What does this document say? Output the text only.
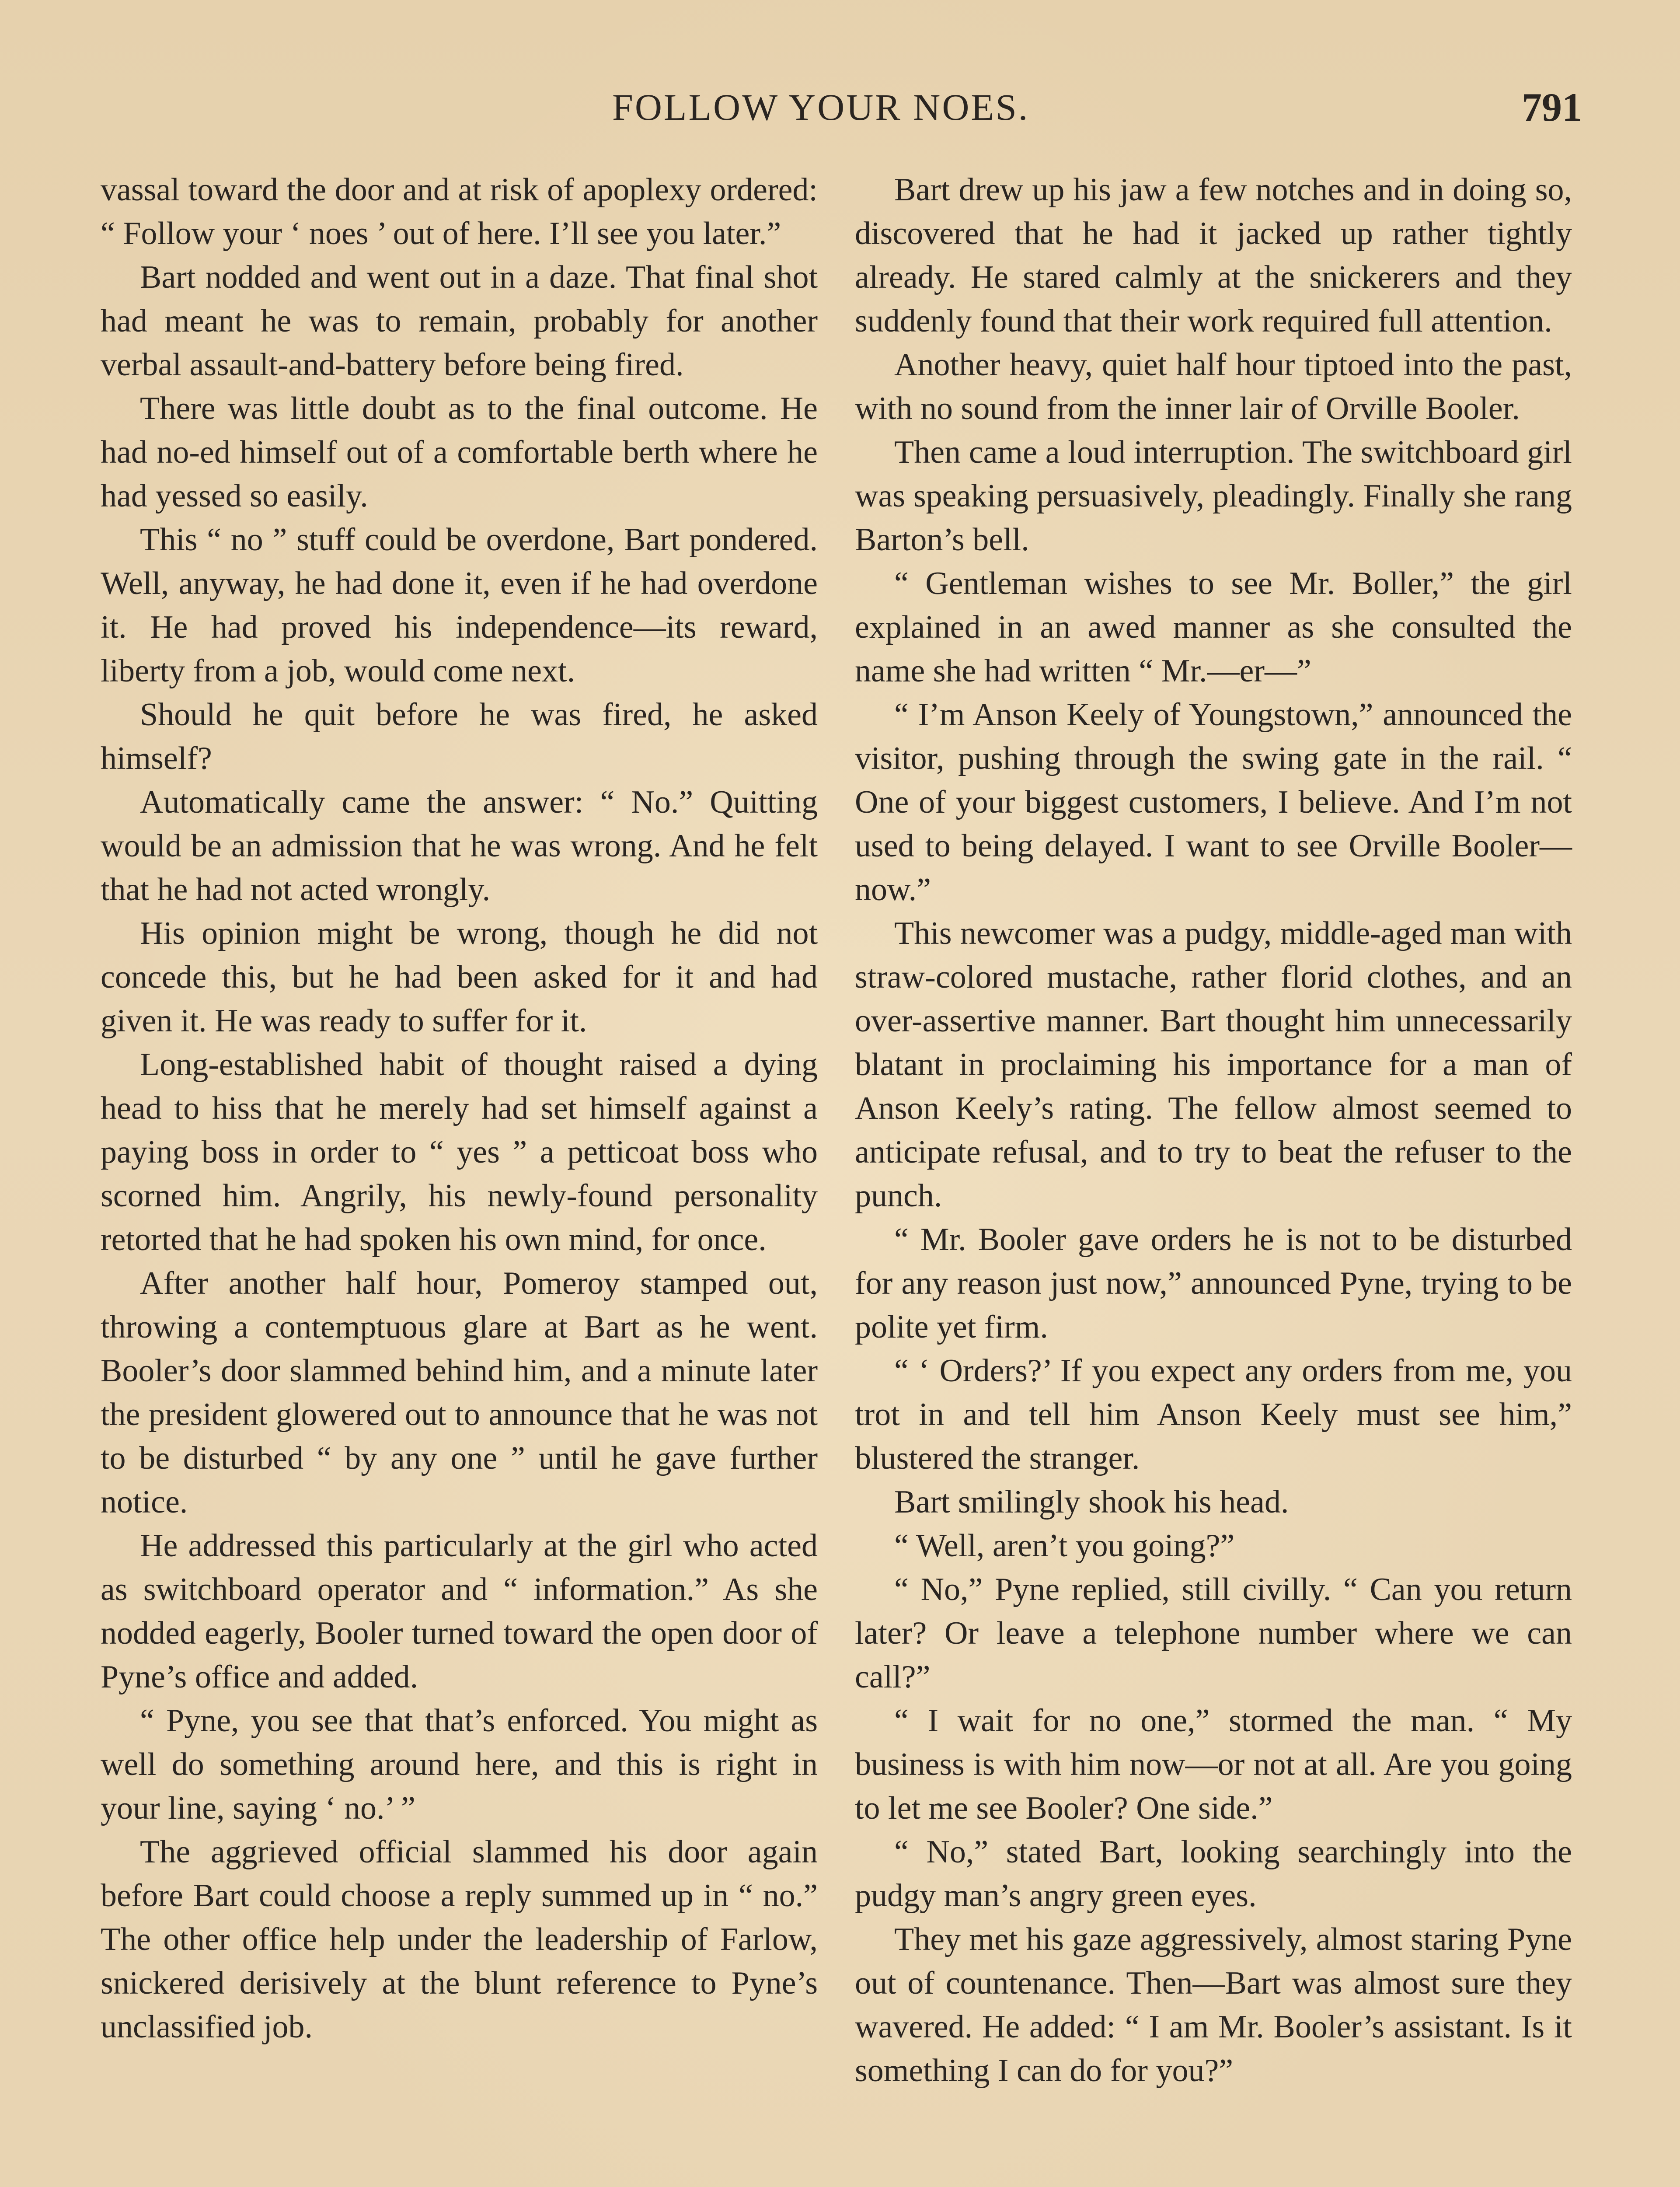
FOLLOW YOUR NOES.	791

vassal toward the door and at risk of apoplexy ordered: “ Follow your ‘ noes ’ out of here. I’ll see you later.”

Bart nodded and went out in a daze. That final shot had meant he was to remain, probably for another verbal assault-and-battery before being fired.

There was little doubt as to the final outcome. He had no-ed himself out of a comfortable berth where he had yessed so easily.

This “ no ” stuff could be overdone, Bart pondered. Well, anyway, he had done it, even if he had overdone it. He had proved his independence—its reward, liberty from a job, would come next.

Should he quit before he was fired, he asked himself?

Automatically came the answer: “ No.” Quitting would be an admission that he was wrong. And he felt that he had not acted wrongly.

His opinion might be wrong, though he did not concede this, but he had been asked for it and had given it. He was ready to suffer for it.

Long-established habit of thought raised a dying head to hiss that he merely had set himself against a paying boss in order to “ yes ” a petticoat boss who scorned him. Angrily, his newly-found personality retorted that he had spoken his own mind, for once.

After another half hour, Pomeroy stamped out, throwing a contemptuous glare at Bart as he went. Booler’s door slammed behind him, and a minute later the president glowered out to announce that he was not to be disturbed “ by any one ” until he gave further notice.

He addressed this particularly at the girl who acted as switchboard operator and “ information.” As she nodded eagerly, Booler turned toward the open door of Pyne’s office and added.

“ Pyne, you see that that’s enforced. You might as well do something around here, and this is right in your line, saying ‘ no.’ ”

The aggrieved official slammed his door again before Bart could choose a reply summed up in “ no.” The other office help under the leadership of Farlow, snickered derisively at the blunt reference to Pyne’s unclassified job.

Bart drew up his jaw a few notches and in doing so, discovered that he had it jacked up rather tightly already. He stared calmly at the snickerers and they suddenly found that their work required full attention.

Another heavy, quiet half hour tiptoed into the past, with no sound from the inner lair of Orville Booler.

Then came a loud interruption. The switchboard girl was speaking persuasively, pleadingly. Finally she rang Barton’s bell.

“ Gentleman wishes to see Mr. Boller,” the girl explained in an awed manner as she consulted the name she had written “ Mr.—er—”

“ I’m Anson Keely of Youngstown,” announced the visitor, pushing through the swing gate in the rail. “ One of your biggest customers, I believe. And I’m not used to being delayed. I want to see Orville Booler—now.”

This newcomer was a pudgy, middle-aged man with straw-colored mustache, rather florid clothes, and an over-assertive manner. Bart thought him unnecessarily blatant in proclaiming his importance for a man of Anson Keely’s rating. The fellow almost seemed to anticipate refusal, and to try to beat the refuser to the punch.

“ Mr. Booler gave orders he is not to be disturbed for any reason just now,” announced Pyne, trying to be polite yet firm.

“ ‘ Orders?’ If you expect any orders from me, you trot in and tell him Anson Keely must see him,” blustered the stranger.

Bart smilingly shook his head.

“ Well, aren’t you going?”

“ No,” Pyne replied, still civilly. “ Can you return later? Or leave a telephone number where we can call?”

“ I wait for no one,” stormed the man. “ My business is with him now—or not at all. Are you going to let me see Booler? One side.”

“ No,” stated Bart, looking searchingly into the pudgy man’s angry green eyes.

They met his gaze aggressively, almost staring Pyne out of countenance. Then—Bart was almost sure they wavered. He added: “ I am Mr. Booler’s assistant. Is it something I can do for you?”
